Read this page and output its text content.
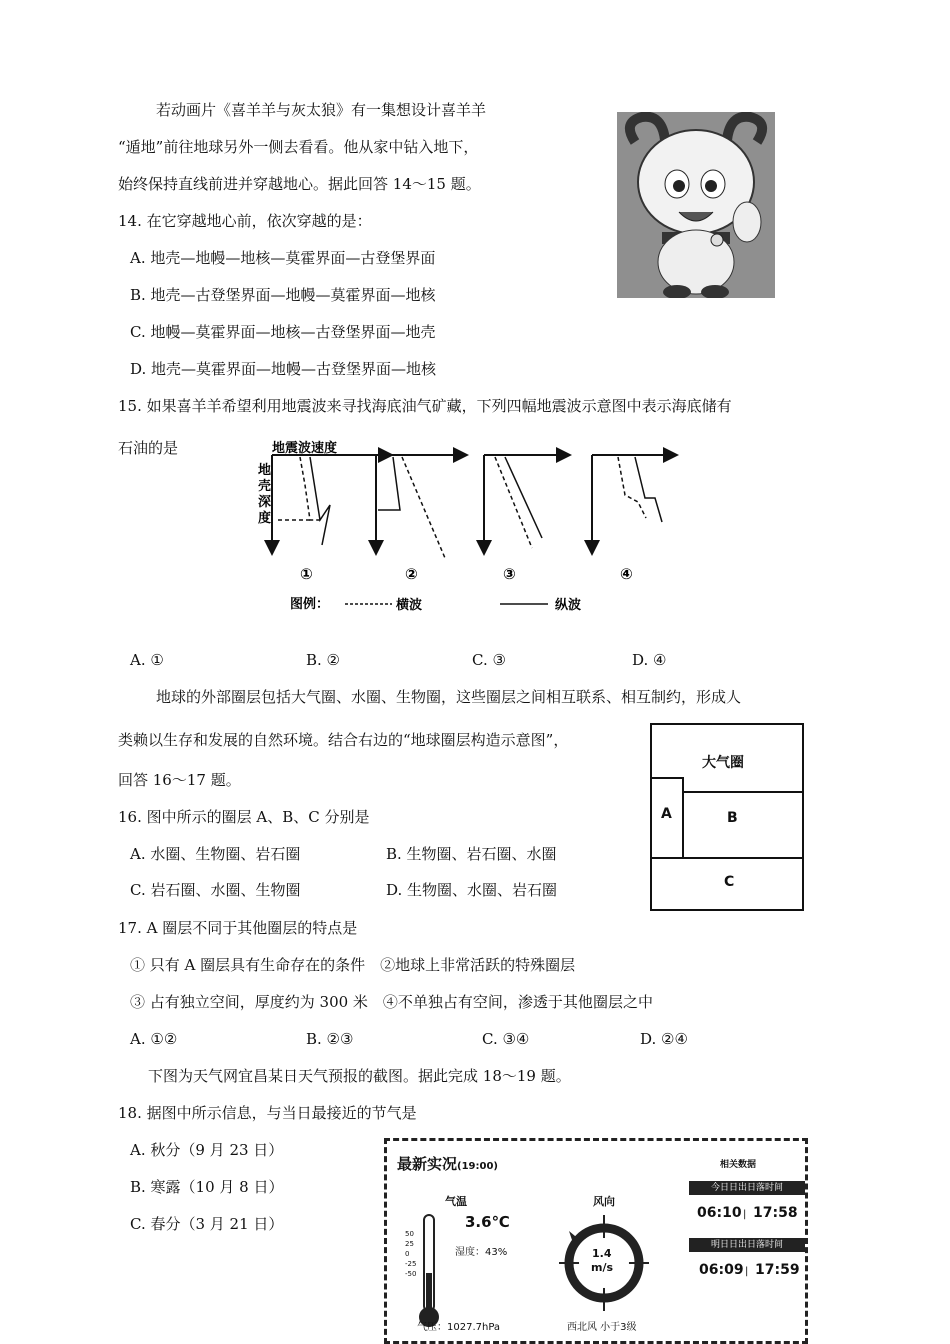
若动画片《喜羊羊与灰太狼》有一集想设计喜羊羊
“遁地”前往地球另外一侧去看看。他从家中钻入地下，
始终保持直线前进并穿越地心。据此回答 14～15 题。
14. 在它穿越地心前，依次穿越的是：
A. 地壳—地幔—地核—莫霍界面—古登堡界面
B. 地壳—古登堡界面—地幔—莫霍界面—地核
C. 地幔—莫霍界面—地核—古登堡界面—地壳
D. 地壳—莫霍界面—地幔—古登堡界面—地核
15. 如果喜羊羊希望利用地震波来寻找海底油气矿藏，下列四幅地震波示意图中表示海底储有
石油的是	地震波速度
地
壳
深
度
①	②	③	④
图例：	横波	纵波
A. ①	B. ②	C. ③	D. ④
地球的外部圈层包括大气圈、水圈、生物圈，这些圈层之间相互联系、相互制约，形成人
类赖以生存和发展的自然环境。结合右边的“地球圈层构造示意图”，
回答 16～17 题。
大气圈
A	B
C
16. 图中所示的圈层 A、B、C 分别是
A. 水圈、生物圈、岩石圈	B. 生物圈、岩石圈、水圈
C. 岩石圈、水圈、生物圈	D. 生物圈、水圈、岩石圈
17. A 圈层不同于其他圈层的特点是
① 只有 A 圈层具有生命存在的条件　②地球上非常活跃的特殊圈层
③ 占有独立空间，厚度约为 300 米　④不单独占有空间，渗透于其他圈层之中
A. ①②	B. ②③	C. ③④	D. ②④
下图为天气网宜昌某日天气预报的截图。据此完成 18～19 题。
18. 据图中所示信息，与当日最接近的节气是
A. 秋分（9 月 23 日）
B. 寒露（10 月 8 日）
C. 春分（3 月 21 日）
最新实况(19:00)
气温
3.6℃
湿度：43%
50
25
0
-25
-50
气压：1027.7hPa
风向
1.4
m/s
西北风 小于3级
相关数据
今日日出日落时间
06:10 | 17:58
明日日出日落时间
06:09 | 17:59
